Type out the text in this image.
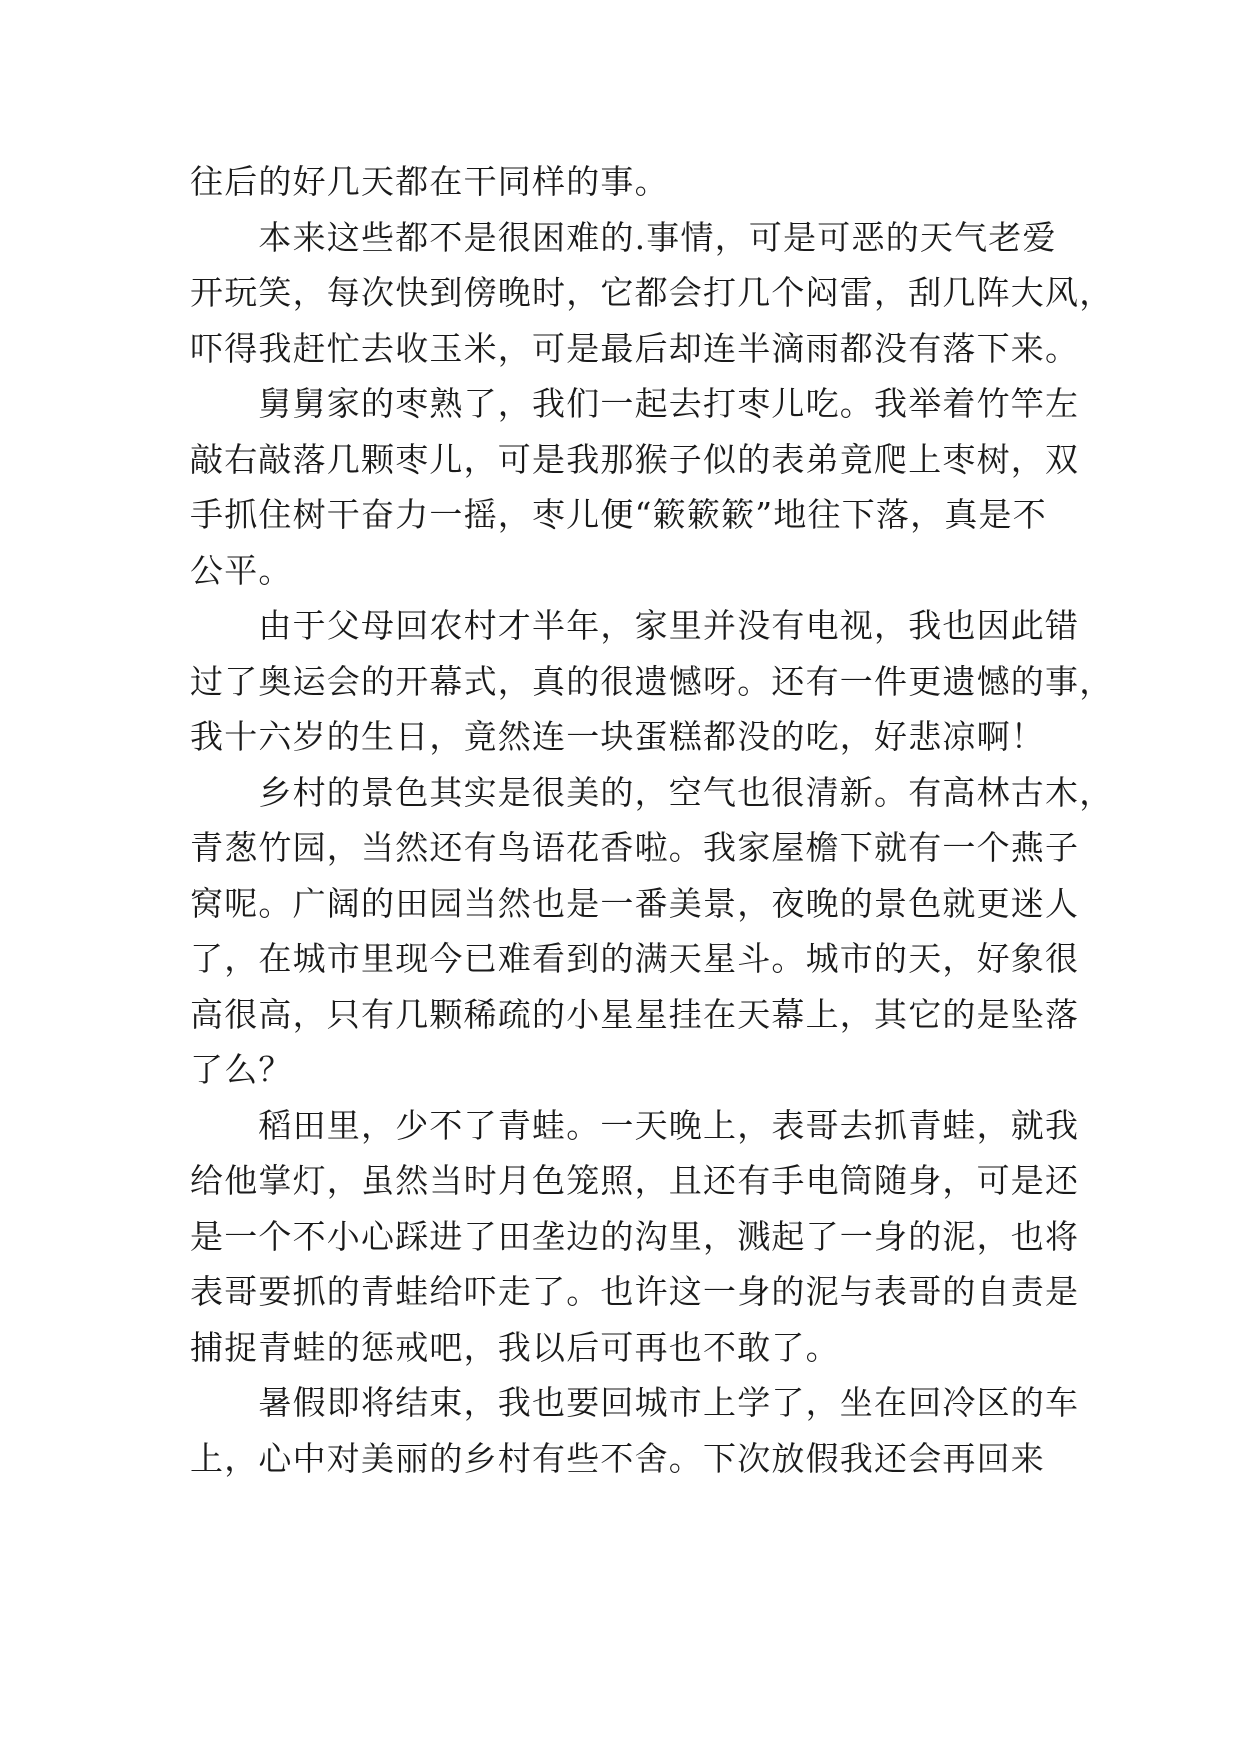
往后的好几天都在干同样的事。
　　本来这些都不是很困难的.事情，可是可恶的天气老爱
开玩笑，每次快到傍晚时，它都会打几个闷雷，刮几阵大风，
吓得我赶忙去收玉米，可是最后却连半滴雨都没有落下来。
　　舅舅家的枣熟了，我们一起去打枣儿吃。我举着竹竿左
敲右敲落几颗枣儿，可是我那猴子似的表弟竟爬上枣树，双
手抓住树干奋力一摇，枣儿便“簌簌簌”地往下落，真是不
公平。
　　由于父母回农村才半年，家里并没有电视，我也因此错
过了奥运会的开幕式，真的很遗憾呀。还有一件更遗憾的事，
我十六岁的生日，竟然连一块蛋糕都没的吃，好悲凉啊！
　　乡村的景色其实是很美的，空气也很清新。有高林古木，
青葱竹园，当然还有鸟语花香啦。我家屋檐下就有一个燕子
窝呢。广阔的田园当然也是一番美景，夜晚的景色就更迷人
了，在城市里现今已难看到的满天星斗。城市的天，好象很
高很高，只有几颗稀疏的小星星挂在天幕上，其它的是坠落
了么？
　　稻田里，少不了青蛙。一天晚上，表哥去抓青蛙，就我
给他掌灯，虽然当时月色笼照，且还有手电筒随身，可是还
是一个不小心踩进了田垄边的沟里，溅起了一身的泥，也将
表哥要抓的青蛙给吓走了。也许这一身的泥与表哥的自责是
捕捉青蛙的惩戒吧，我以后可再也不敢了。
　　暑假即将结束，我也要回城市上学了，坐在回冷区的车
上，心中对美丽的乡村有些不舍。下次放假我还会再回来
